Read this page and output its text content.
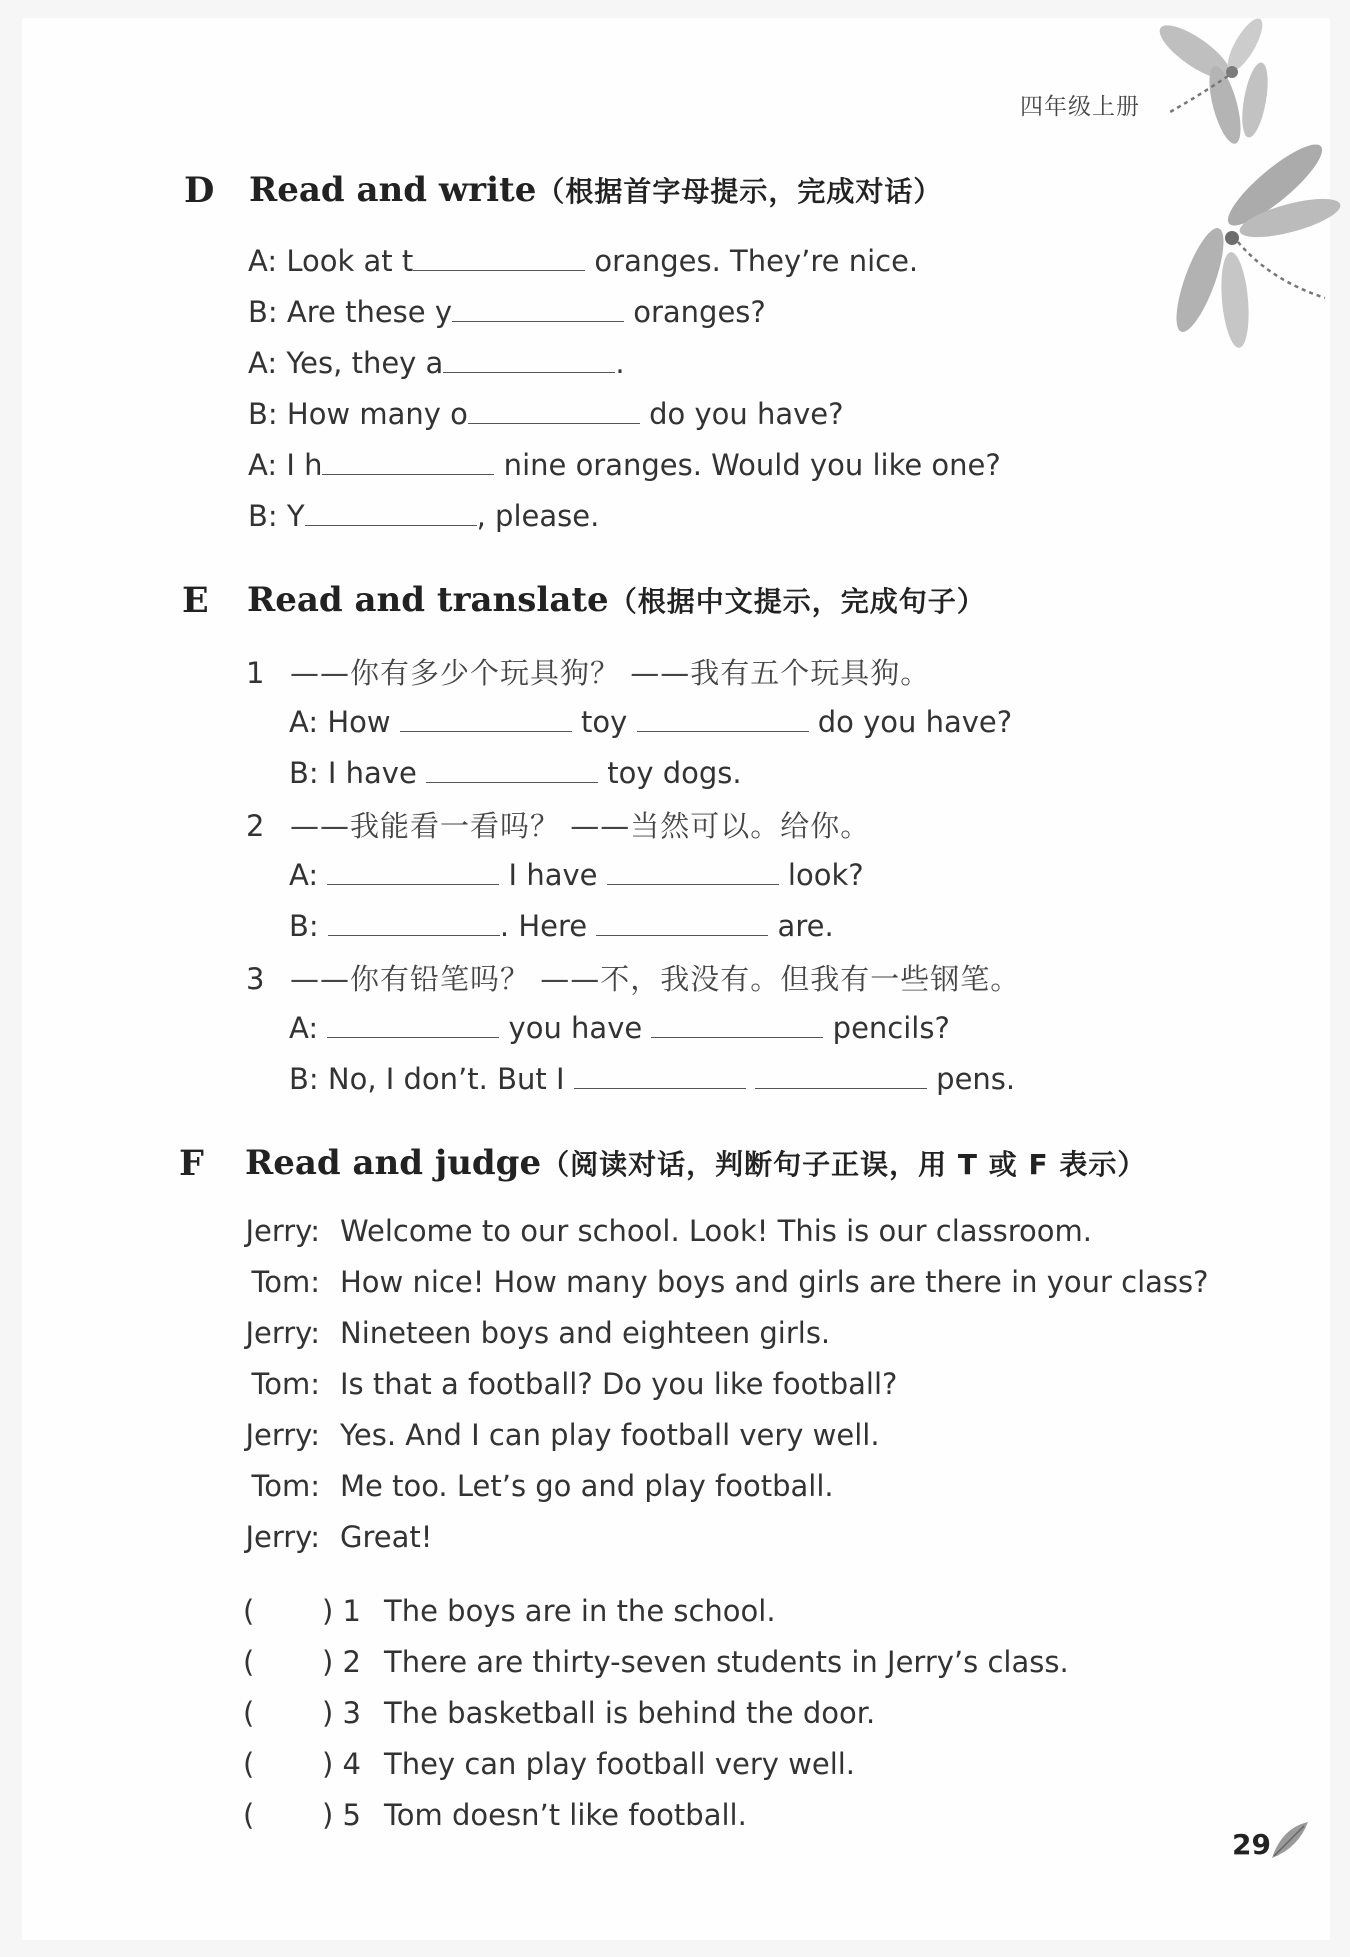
四年级上册
D Read and write（根据首字母提示，完成对话）
A: Look at t	oranges. They’re nice.
B: Are these y	oranges?
A: Yes, they a	.
B: How many o	do you have?
A: I h	nine oranges. Would you like one?
B: Y	, please.
E Read and translate（根据中文提示，完成句子）
1 ——你有多少个玩具狗？ ——我有五个玩具狗。
A: How	toy	do you have?
B: I have	toy dogs.
2 ——我能看一看吗？ ——当然可以。给你。
A:	I have	look?
B:	. Here	are.
3 ——你有铅笔吗？ ——不，我没有。但我有一些钢笔。
A:	you have	pencils?
B: No, I don’t. But I	pens.
F Read and judge（阅读对话，判断句子正误，用 T 或 F 表示）
Jerry: Welcome to our school. Look! This is our classroom.
Tom: How nice! How many boys and girls are there in your class?
Jerry: Nineteen boys and eighteen girls.
Tom: Is that a football? Do you like football?
Jerry: Yes. And I can play football very well.
Tom: Me too. Let’s go and play football.
Jerry: Great!
( ) 1 The boys are in the school.
( ) 2 There are thirty-seven students in Jerry’s class.
( ) 3 The basketball is behind the door.
( ) 4 They can play football very well.
( ) 5 Tom doesn’t like football.
29
